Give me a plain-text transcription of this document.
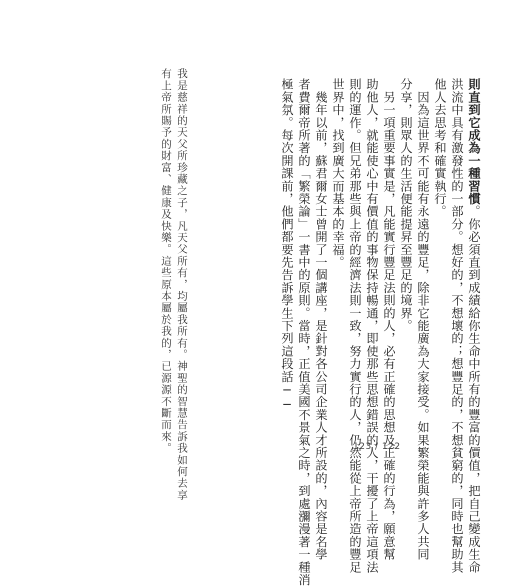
則直到它成為一種習慣。你必須直到成績給你生命中所有的豐富的價值，把自己變成生命
洪流中具有激發性的一部分。想好的，不想壞的；想豐足的，不想貧窮的，同時也幫助其
他人去思考和確實執行。
　因為這世界不可能有永遠的豐足，除非它能廣為大家接受。如果繁榮能與許多人共同
分享，則眾人的生活便能提昇至豐足的境界。
　另一項重要事實是，凡能實行豐足法則的人，必有正確的思想及正確的行為，願意幫
助他人，就能使心中有價值的事物保持暢通，即使那些思想錯誤的人，干擾了上帝這項法
則的運作。但兄弟那些與上帝的經濟法則一致，努力實行的人，仍然能從上帝所造的豐足
世界中，找到廣大而基本的幸福。
　幾年以前，蘇君爾女士曾開了一個講座，是針對各公司企業人才所設的，內容是名學
者費爾帝所著的「繁榮論」一書中的原則。當時，正值美國不景氣之時，到處瀰漫著一種消
極氣氛。每次開課前，他們都要先告訴學生下列這段話──
我是慈祥的天父所珍藏之子，凡天父所有，均屬我所有。神聖的智慧告訴我如何去享
有上帝所賜予的財富、健康及快樂。這些原本屬於我的，已源源不斷而來。	123 / 122
